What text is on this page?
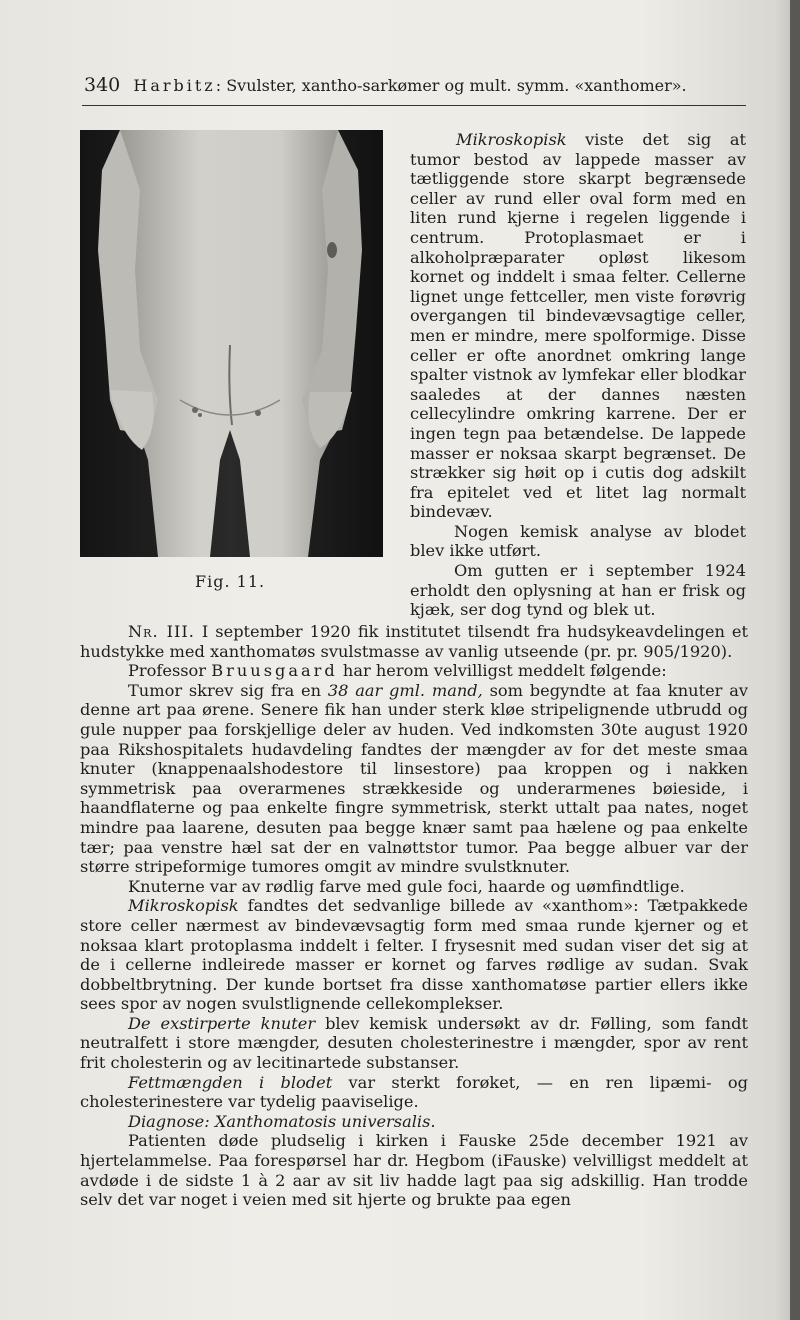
340 Harbitz: Svulster, xantho-sarkømer og mult. symm. «xanthomer».
Fig. 11.

Mikroskopisk viste det sig at tumor bestod av lappede masser av tætliggende store skarpt begrænsede celler av rund eller oval form med en liten rund kjerne i regelen liggende i centrum. Protoplasmaet er i alkoholpræparater opløst likesom kornet og inddelt i smaa felter. Cellerne lignet unge fettceller, men viste forøvrig overgangen til bindevævsagtige celler, men er mindre, mere spolformige. Disse celler er ofte anordnet omkring lange spalter vistnok av lymfekar eller blodkar saaledes at der dannes næsten cellecylindre omkring karrene. Der er ingen tegn paa betændelse. De lappede masser er noksaa skarpt begrænset. De strækker sig høit op i cutis dog adskilt fra epitelet ved et litet lag normalt bindevæv.

Nogen kemisk analyse av blodet blev ikke utført.

Om gutten er i september 1924 erholdt den oplysning at han er frisk og kjæk, ser dog tynd og blek ut.

Nr. III. I september 1920 fik institutet tilsendt fra hudsykeavdelingen et hudstykke med xanthomatøs svulstmasse av vanlig utseende (pr. pr. 905/1920).

Professor Bruusgaard har herom velvilligst meddelt følgende:

Tumor skrev sig fra en 38 aar gml. mand, som begyndte at faa knuter av denne art paa ørene. Senere fik han under sterk kløe stripelignende utbrudd og gule nupper paa forskjellige deler av huden. Ved indkomsten 30te august 1920 paa Rikshospitalets hudavdeling fandtes der mængder av for det meste smaa knuter (knappenaalshodestore til linsestore) paa kroppen og i nakken symmetrisk paa overarmenes strækkeside og underarmenes bøieside, i haandflaterne og paa enkelte fingre symmetrisk, sterkt uttalt paa nates, noget mindre paa laarene, desuten paa begge knær samt paa hælene og paa enkelte tær; paa venstre hæl sat der en valnøttstor tumor. Paa begge albuer var der større stripeformige tumores omgit av mindre svulstknuter.

Knuterne var av rødlig farve med gule foci, haarde og uømfindtlige.

Mikroskopisk fandtes det sedvanlige billede av «xanthom»: Tætpakkede store celler nærmest av bindevævsagtig form med smaa runde kjerner og et noksaa klart protoplasma inddelt i felter. I frysesnit med sudan viser det sig at de i cellerne indleirede masser er kornet og farves rødlige av sudan. Svak dobbeltbrytning. Der kunde bortset fra disse xanthomatøse partier ellers ikke sees spor av nogen svulstlignende cellekomplekser.

De exstirperte knuter blev kemisk undersøkt av dr. Følling, som fandt neutralfett i store mængder, desuten cholesterinestre i mængder, spor av rent frit cholesterin og av lecitinartede substanser.

Fettmængden i blodet var sterkt forøket, — en ren lipæmi- og cholesterinestere var tydelig paaviselige.

Diagnose: Xanthomatosis universalis.

Patienten døde pludselig i kirken i Fauske 25de december 1921 av hjertelammelse. Paa forespørsel har dr. Hegbom (iFauske) velvilligst meddelt at avdøde i de sidste 1 à 2 aar av sit liv hadde lagt paa sig adskillig. Han trodde selv det var noget i veien med sit hjerte og brukte paa egen
